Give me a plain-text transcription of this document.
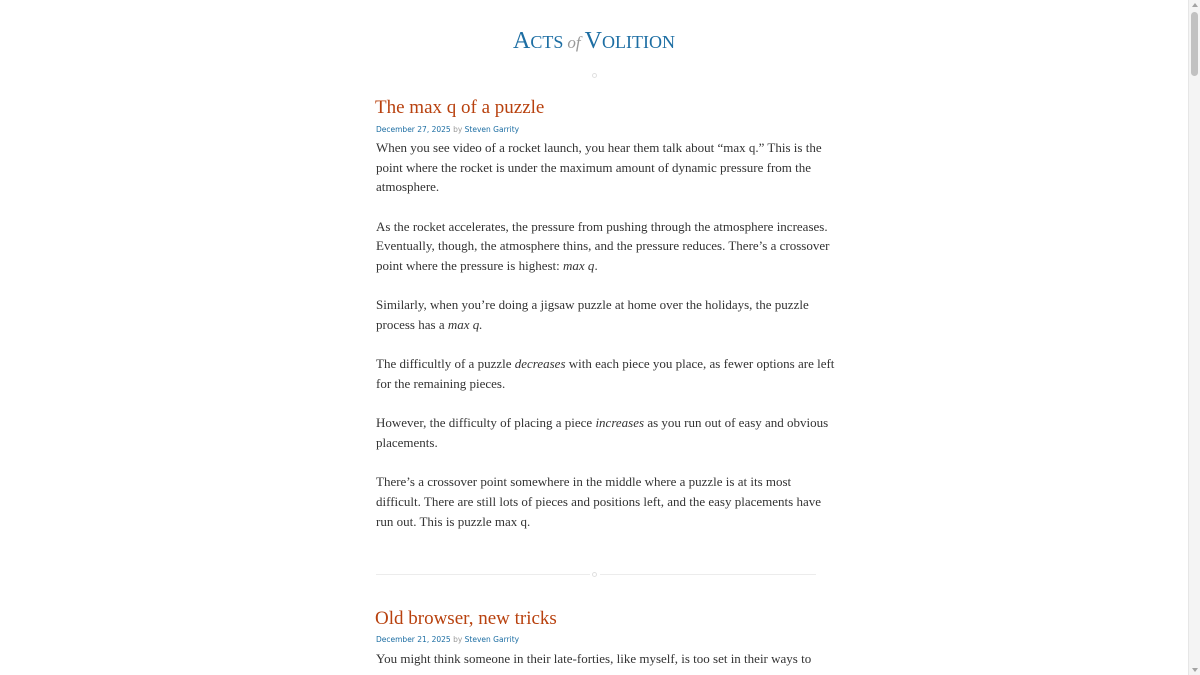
ACTS of VOLITION
The max q of a puzzle
December 27, 2025 by Steven Garrity

When you see video of a rocket launch, you hear them talk about “max q.” This is the
point where the rocket is under the maximum amount of dynamic pressure from the
atmosphere.

As the rocket accelerates, the pressure from pushing through the atmosphere increases.
Eventually, though, the atmosphere thins, and the pressure reduces. There’s a crossover
point where the pressure is highest: max q.

Similarly, when you’re doing a jigsaw puzzle at home over the holidays, the puzzle
process has a max q.

The difficultly of a puzzle decreases with each piece you place, as fewer options are left
for the remaining pieces.

However, the difficulty of placing a piece increases as you run out of easy and obvious
placements.

There’s a crossover point somewhere in the middle where a puzzle is at its most
difficult. There are still lots of pieces and positions left, and the easy placements have
run out. This is puzzle max q.

Old browser, new tricks
December 21, 2025 by Steven Garrity

You might think someone in their late-forties, like myself, is too set in their ways to
